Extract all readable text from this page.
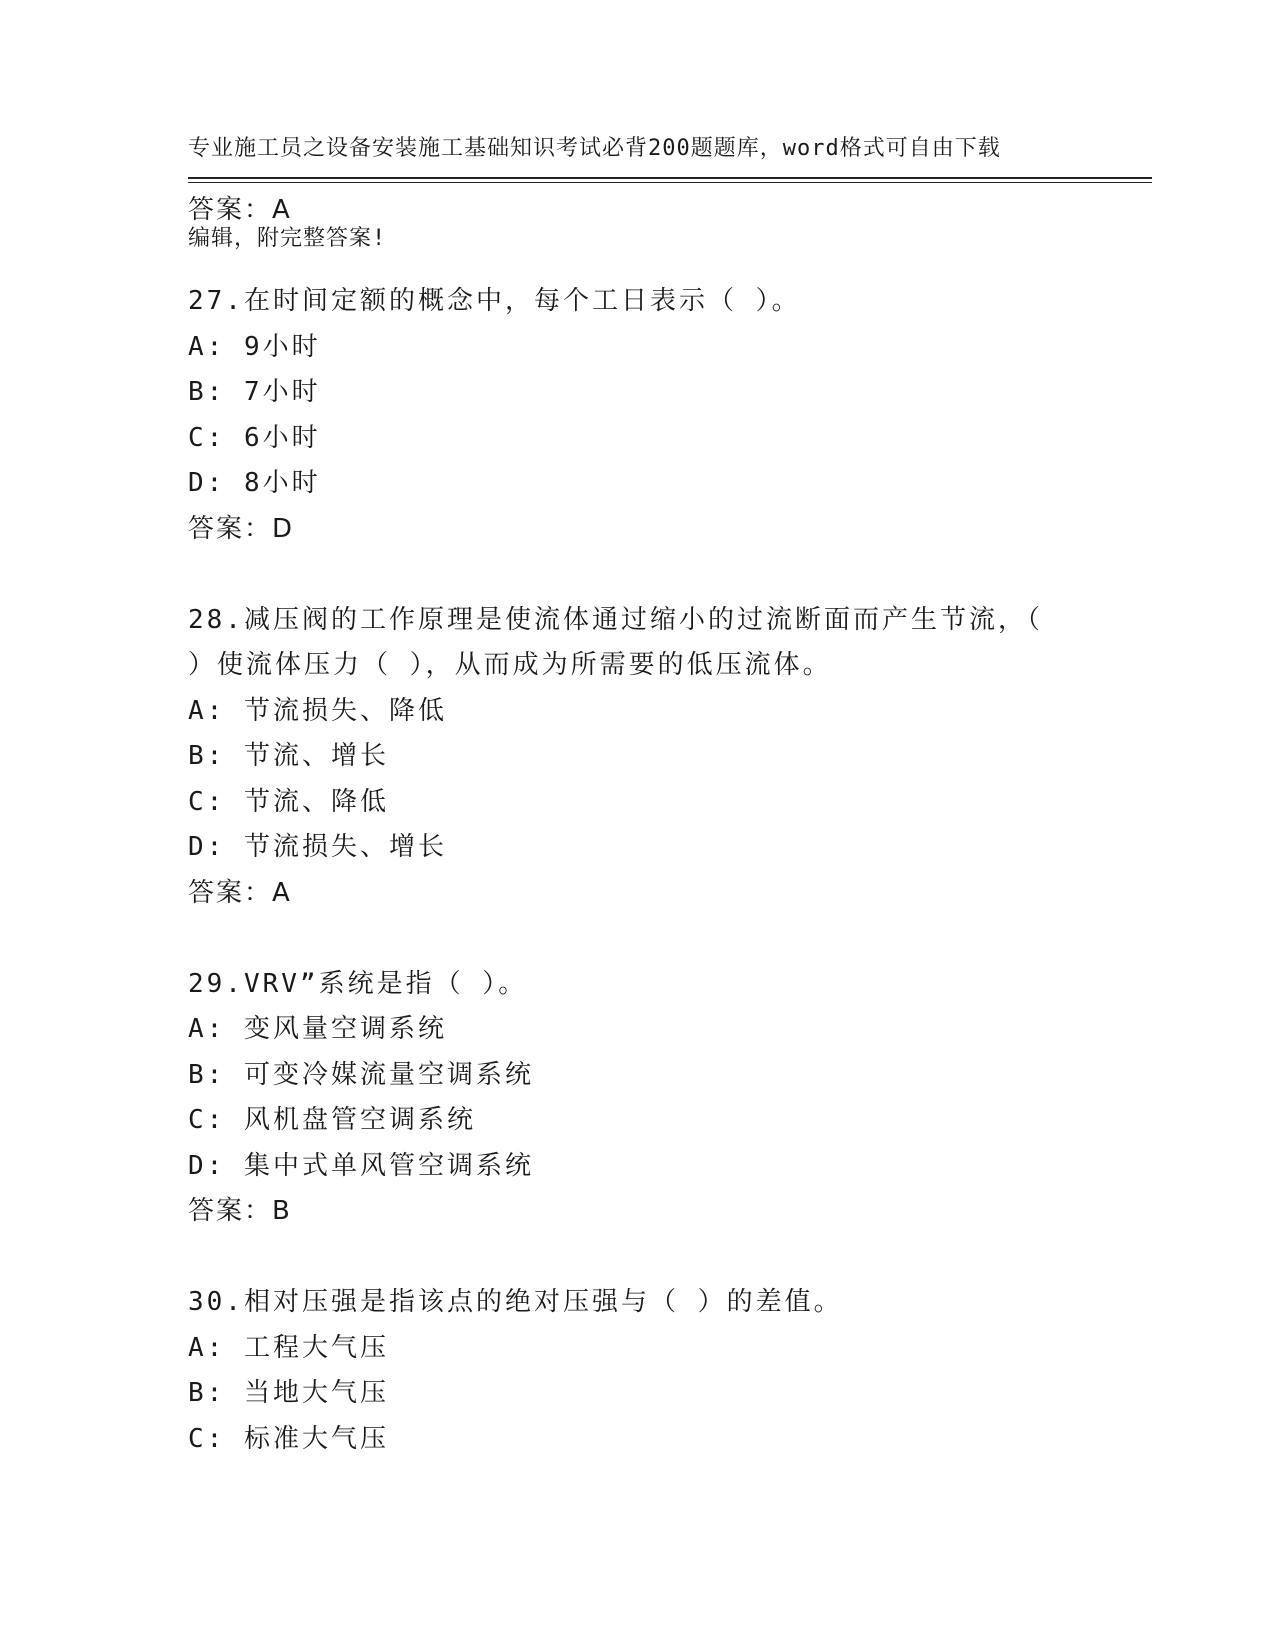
专业施工员之设备安装施工基础知识考试必背200题题库，word格式可自由下载

编辑，附完整答案!

答案：A
27.在时间定额的概念中，每个工日表示（ ）。
A: 9小时
B: 7小时
C: 6小时
D: 8小时
答案：D
28.减压阀的工作原理是使流体通过缩小的过流断面而产生节流，（
）使流体压力（ ），从而成为所需要的低压流体。
A: 节流损失、降低
B: 节流、增长
C: 节流、降低
D: 节流损失、增长
答案：A
29.VRV”系统是指（ ）。
A: 变风量空调系统
B: 可变冷媒流量空调系统
C: 风机盘管空调系统
D: 集中式单风管空调系统
答案：B
30.相对压强是指该点的绝对压强与（ ）的差值。
A: 工程大气压
B: 当地大气压
C: 标准大气压
